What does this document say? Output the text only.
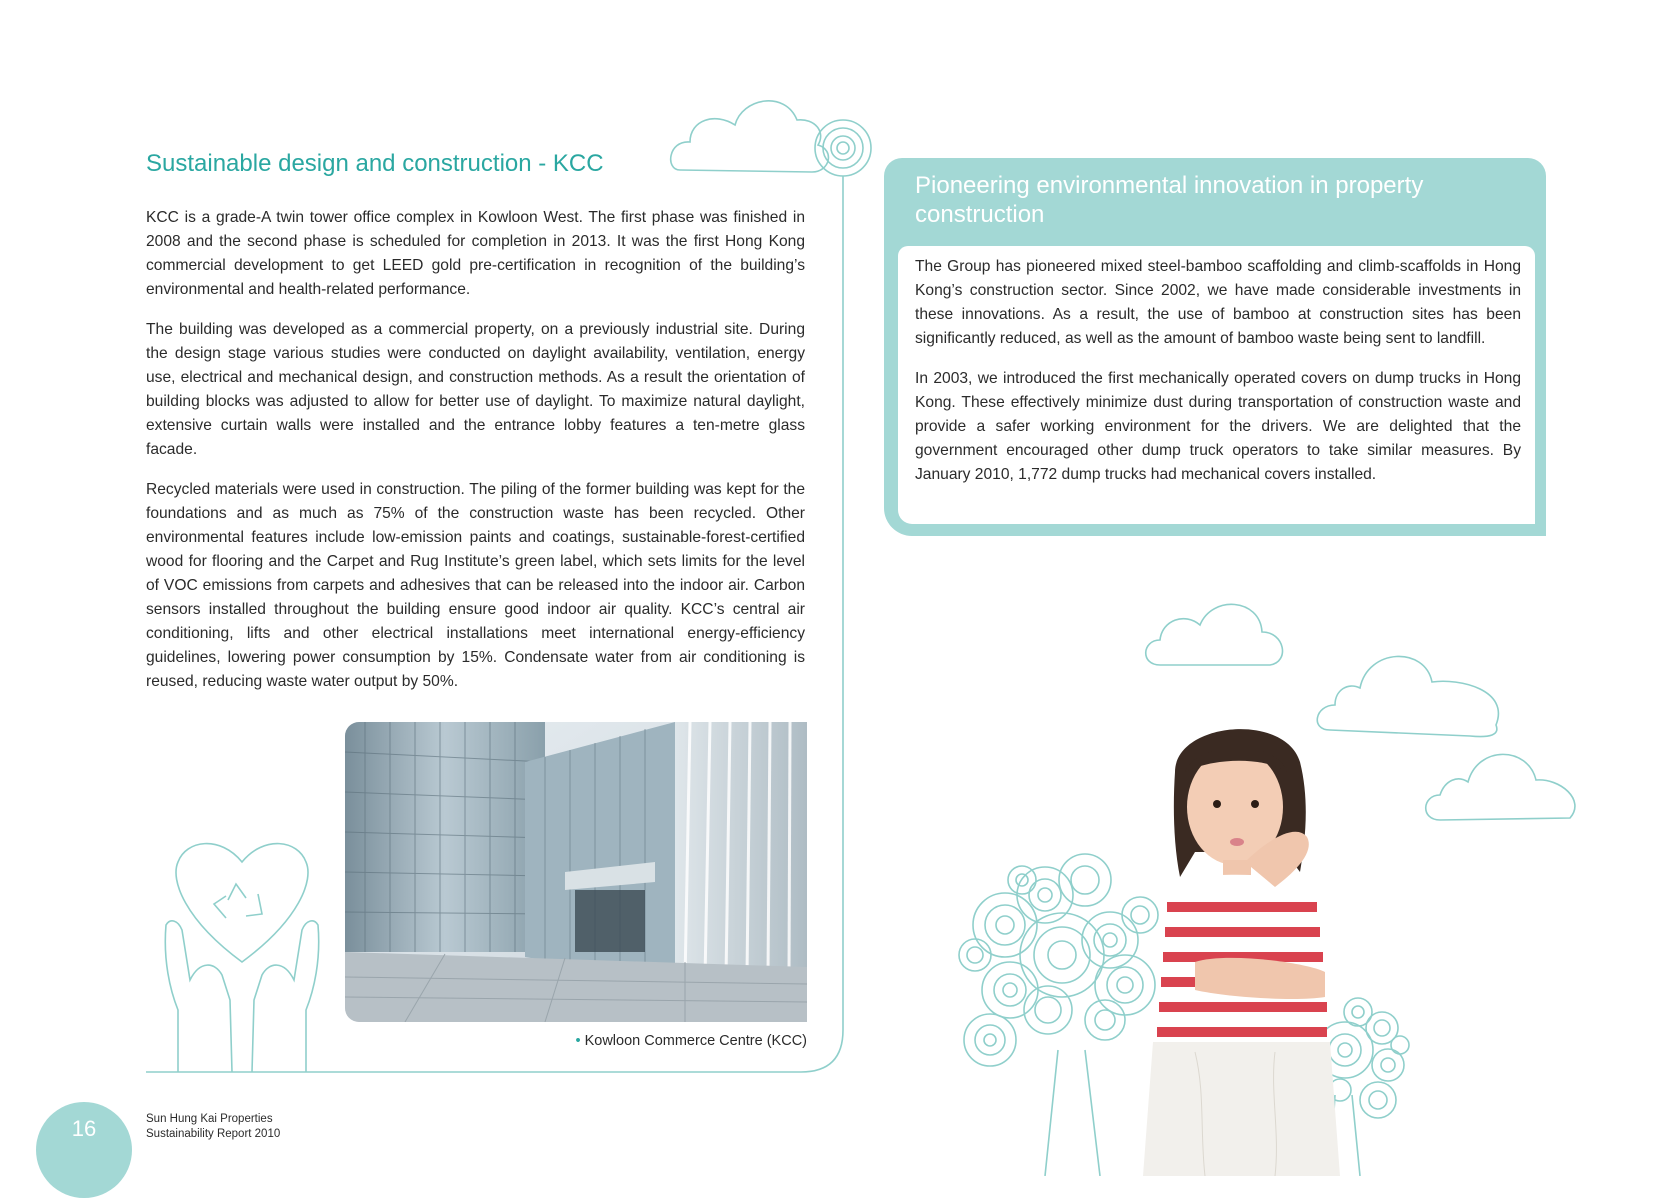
Sustainable design and construction - KCC

KCC is a grade-A twin tower office complex in Kowloon West. The first phase was finished in 2008 and the second phase is scheduled for completion in 2013. It was the first Hong Kong commercial development to get LEED gold pre-certification in recognition of the building’s environmental and health-related performance.

The building was developed as a commercial property, on a previously industrial site. During the design stage various studies were conducted on daylight availability, ventilation, energy use, electrical and mechanical design, and construction methods. As a result the orientation of building blocks was adjusted to allow for better use of daylight. To maximize natural daylight, extensive curtain walls were installed and the entrance lobby features a ten-metre glass facade.

Recycled materials were used in construction. The piling of the former building was kept for the foundations and as much as 75% of the construction waste has been recycled. Other environmental features include low-emission paints and coatings, sustainable-forest-certified wood for flooring and the Carpet and Rug Institute’s green label, which sets limits for the level of VOC emissions from carpets and adhesives that can be released into the indoor air. Carbon sensors installed throughout the building ensure good indoor air quality. KCC’s central air conditioning, lifts and other electrical installations meet international energy-efficiency guidelines, lowering power consumption by 15%. Condensate water from air conditioning is reused, reducing waste water output by 50%.

Pioneering environmental innovation in property construction

The Group has pioneered mixed steel-bamboo scaffolding and climb-scaffolds in Hong Kong’s construction sector. Since 2002, we have made considerable investments in these innovations. As a result, the use of bamboo at construction sites has been significantly reduced, as well as the amount of bamboo waste being sent to landfill.

In 2003, we introduced the first mechanically operated covers on dump trucks in Hong Kong. These effectively minimize dust during transportation of construction waste and provide a safer working environment for the drivers. We are delighted that the government encouraged other dump truck operators to take similar measures. By January 2010, 1,772 dump trucks had mechanical covers installed.

• Kowloon Commerce Centre (KCC)
16	Sun Hung Kai Properties
Sustainability Report 2010
